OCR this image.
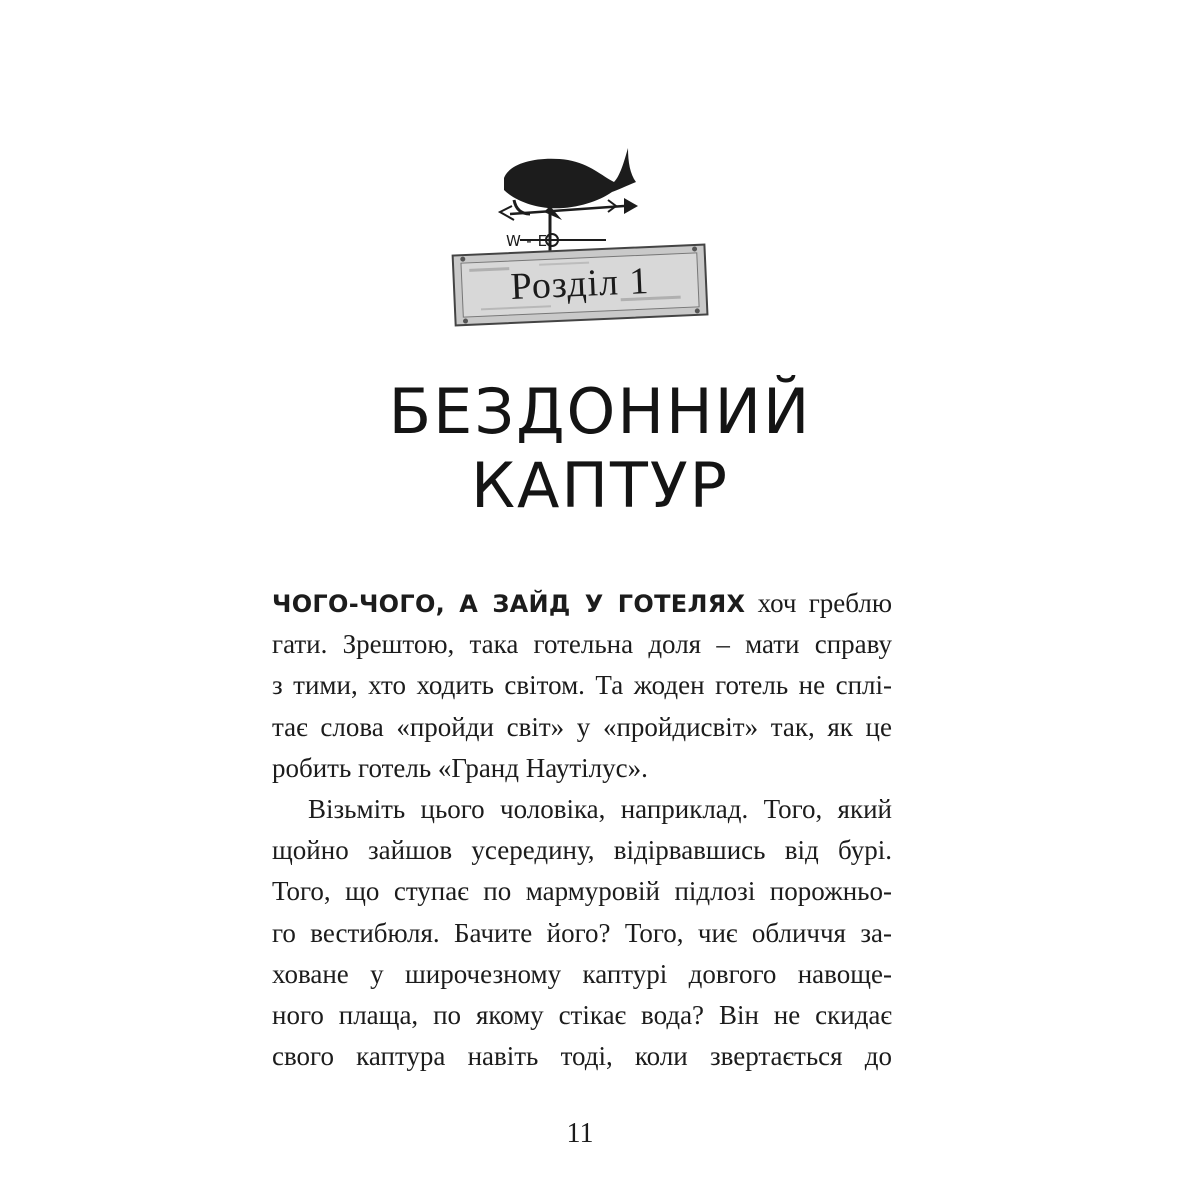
W-E
Розділ 1
БЕЗДОННИЙ
КАПТУР
ЧОГО-ЧОГО, А ЗАЙД У ГОТЕЛЯХ хоч греблю
гати. Зрештою, така готельна доля – мати справу
з тими, хто ходить світом. Та жоден готель не сплі-
тає слова «пройди світ» у «пройдисвіт» так, як це
робить готель «Гранд Наутілус».
Візьміть цього чоловіка, наприклад. Того, який
щойно зайшов усередину, відірвавшись від бурі.
Того, що ступає по мармуровій підлозі порожньо-
го вестибюля. Бачите його? Того, чиє обличчя за-
ховане у широчезному каптурі довгого навоще-
ного плаща, по якому стікає вода? Він не скидає
свого каптура навіть тоді, коли звертається до
11
